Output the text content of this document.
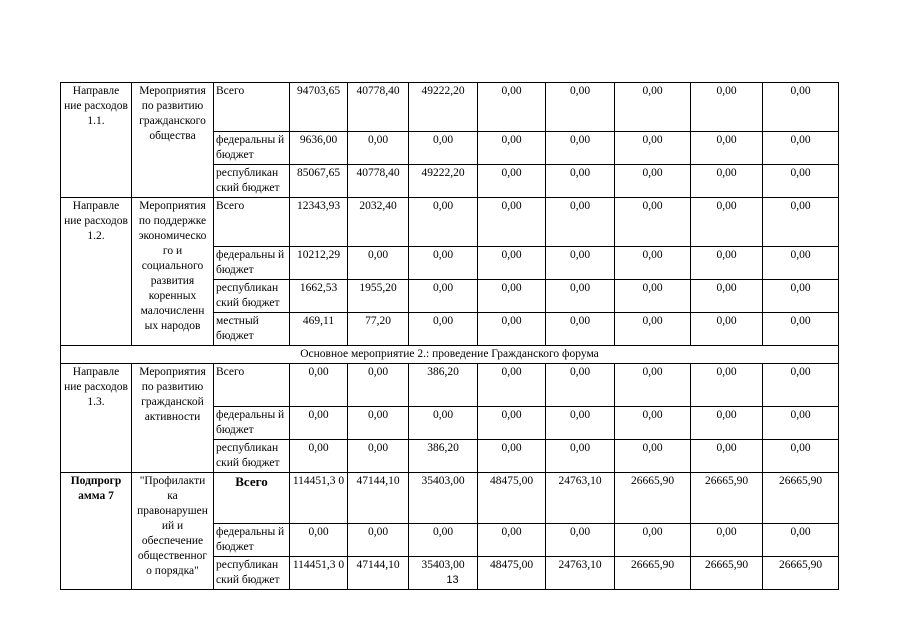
Направле ние расходов 1.1.	Мероприятия по развитию гражданского общества	Всего	94703,65	40778,40	49222,20	0,00	0,00	0,00	0,00	0,00
		федеральны й бюджет	9636,00	0,00	0,00	0,00	0,00	0,00	0,00	0,00
		республикан ский бюджет	85067,65	40778,40	49222,20	0,00	0,00	0,00	0,00	0,00
Направле ние расходов 1.2.	Мероприятия по поддержке экономическо го и социального развития коренных малочисленн ых народов	Всего	12343,93	2032,40	0,00	0,00	0,00	0,00	0,00	0,00
		федеральны й бюджет	10212,29	0,00	0,00	0,00	0,00	0,00	0,00	0,00
		республикан ский бюджет	1662,53	1955,20	0,00	0,00	0,00	0,00	0,00	0,00
		местный бюджет	469,11	77,20	0,00	0,00	0,00	0,00	0,00	0,00
Основное мероприятие 2.: проведение Гражданского форума										
Направле ние расходов 1.3.	Мероприятия по развитию гражданской активности	Всего	0,00	0,00	386,20	0,00	0,00	0,00	0,00	0,00
		федеральны й бюджет	0,00	0,00	0,00	0,00	0,00	0,00	0,00	0,00
		республикан ский бюджет	0,00	0,00	386,20	0,00	0,00	0,00	0,00	0,00
Подпрогр амма 7	"Профилакти ка правонарушен ий и обеспечение общественног о порядка"	Всего	114451,3 0	47144,10	35403,00	48475,00	24763,10	26665,90	26665,90	26665,90
		федеральны й бюджет	0,00	0,00	0,00	0,00	0,00	0,00	0,00	0,00
		республикан ский бюджет	114451,3 0	47144,10	35403,00	48475,00	24763,10	26665,90	26665,90	26665,90
13
